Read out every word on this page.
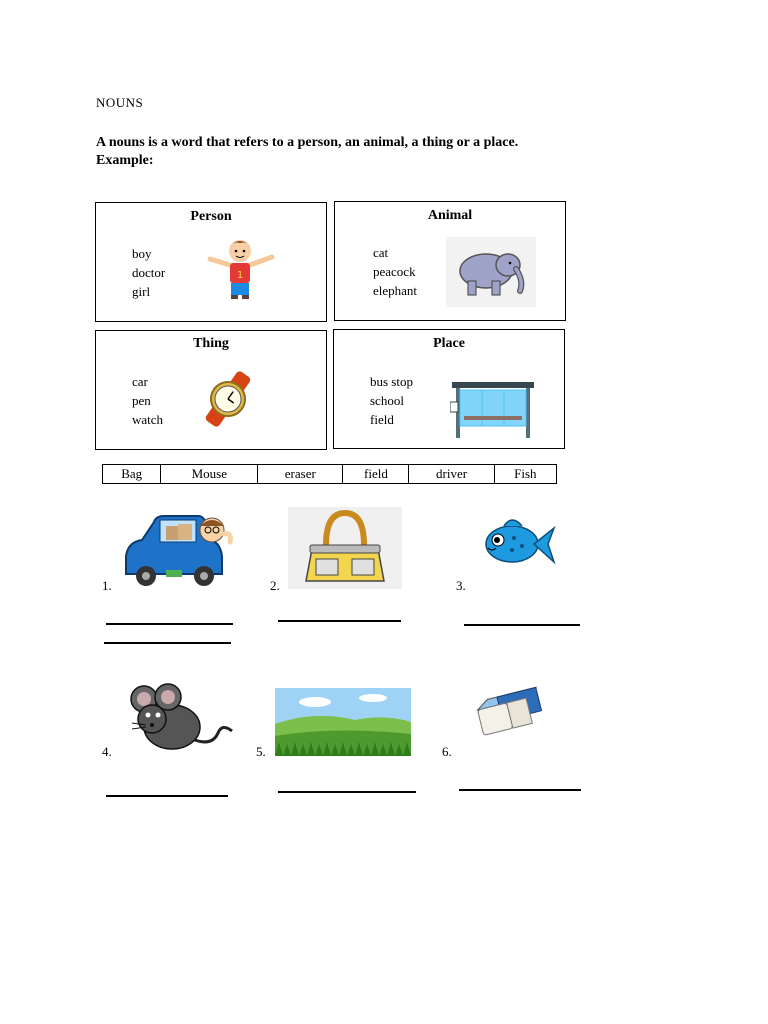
NOUNS
A nouns is a word that refers to a person, an animal, a thing or a place.
Example:
Person
boy
doctor
girl
1
Animal
cat
peacock
elephant
Thing
car
pen
watch
Place
bus stop
school
field
Bag	Mouse	eraser	field	driver	Fish
1.	2.	3.
4.	5.	6.
